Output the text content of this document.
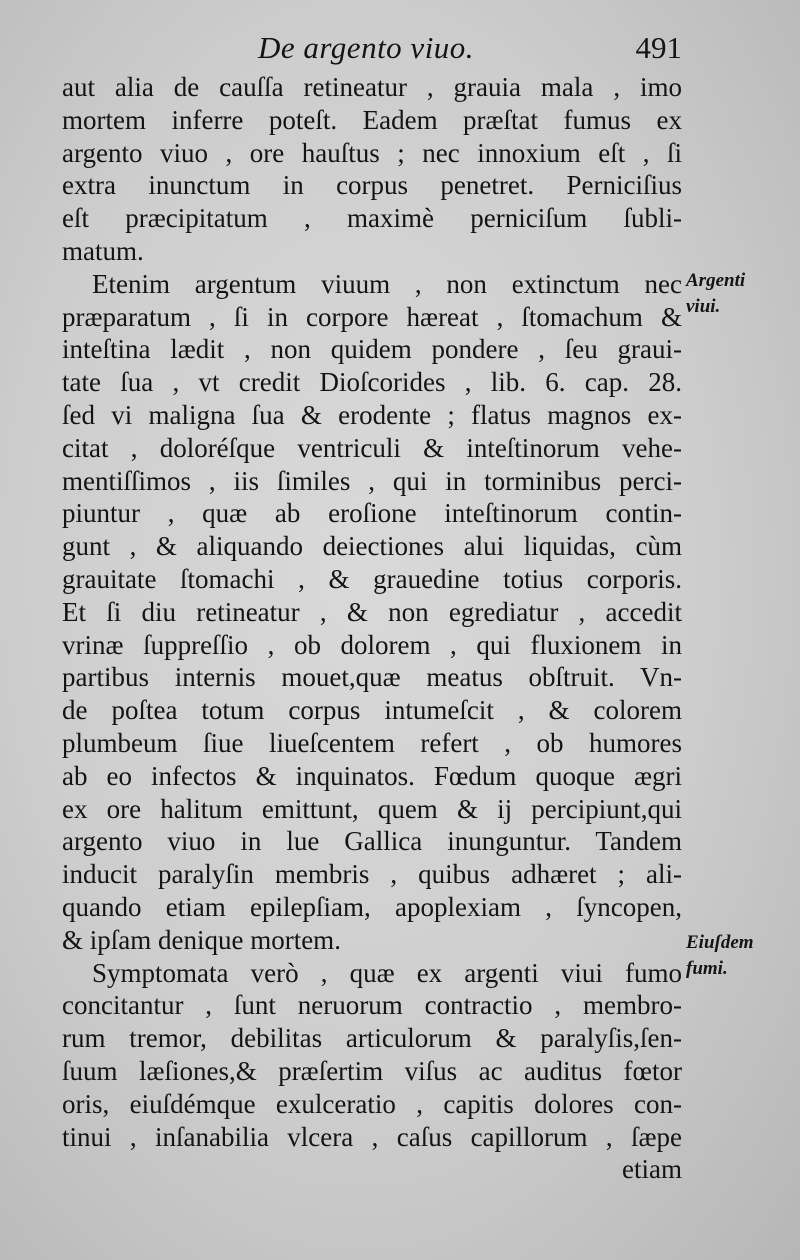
De argento viuo.	491
aut alia de cauſſa retineatur , grauia mala , imo
mortem inferre poteſt. Eadem præſtat fumus ex
argento viuo , ore hauſtus ; nec innoxium eſt , ſi
extra inunctum in corpus penetret. Perniciſius
eſt præcipitatum , maximè perniciſum ſubli-
matum.
Etenim argentum viuum , non extinctum nec
præparatum , ſi in corpore hæreat , ſtomachum &
inteſtina lædit , non quidem pondere , ſeu graui-
tate ſua , vt credit Dioſcorides , lib. 6. cap. 28.
ſed vi maligna ſua & erodente ; flatus magnos ex-
citat , doloréſque ventriculi & inteſtinorum vehe-
mentiſſimos , iis ſimiles , qui in torminibus perci-
piuntur , quæ ab eroſione inteſtinorum contin-
gunt , & aliquando deiectiones alui liquidas, cùm
grauitate ſtomachi , & grauedine totius corporis.
Et ſi diu retineatur , & non egrediatur , accedit
vrinæ ſuppreſſio , ob dolorem , qui fluxionem in
partibus internis mouet,quæ meatus obſtruit. Vn-
de poſtea totum corpus intumeſcit , & colorem
plumbeum ſiue liueſcentem refert , ob humores
ab eo infectos & inquinatos. Fœdum quoque ægri
ex ore halitum emittunt, quem & ij percipiunt,qui
argento viuo in lue Gallica inunguntur. Tandem
inducit paralyſin membris , quibus adhæret ; ali-
quando etiam epilepſiam, apoplexiam , ſyncopen,
& ipſam denique mortem.
Symptomata verò , quæ ex argenti viui fumo
concitantur , ſunt neruorum contractio , membro-
rum tremor, debilitas articulorum & paralyſis,ſen-
ſuum læſiones,& præſertim viſus ac auditus fœtor
oris, eiuſdémque exulceratio , capitis dolores con-
tinui , inſanabilia vlcera , caſus capillorum , ſæpe
etiam
Argenti
viui.
Eiuſdem
fumi.
